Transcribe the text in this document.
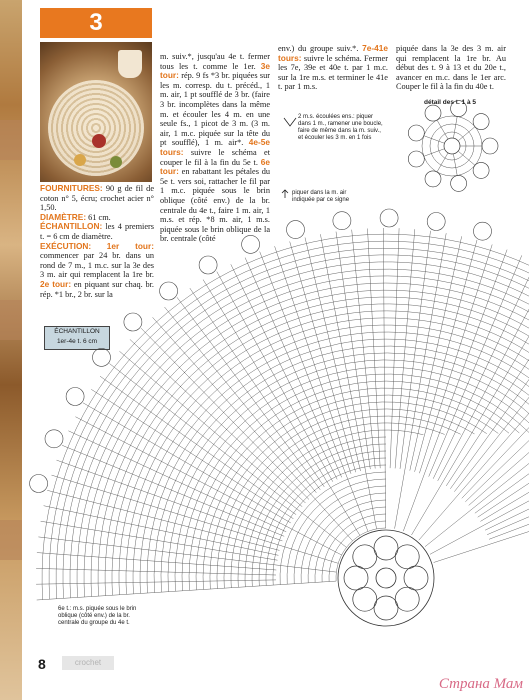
3
FOURNITURES: 90 g de fil de coton n° 5, écru; crochet acier n° 1,50.
DIAMÈTRE: 61 cm.
ÉCHANTILLON: les 4 premiers t. = 6 cm de diamètre.
EXÉCUTION: 1er tour: commencer par 24 br. dans un rond de 7 m., 1 m.c. sur la 3e des 3 m. air qui remplacent la 1re br. 2e tour: en piquant sur chaq. br. rép. *1 br., 2 br. sur la
m. suiv.*, jusqu'au 4e t. fermer tous les t. comme le 1er. 3e tour: rép. 9 fs *3 br. piquées sur les m. corresp. du t. précéd., 1 m. air, 1 pt soufflé de 3 br. (faire 3 br. incomplètes dans la même m. et écouler les 4 m. en une seule fs., 1 picot de 3 m. (3 m. air, 1 m.c. piquée sur la tête du pt soufflé), 1 m. air*. 4e-5e tours: suivre le schéma et couper le fil à la fin du 5e t. 6e tour: en rabattant les pétales du 5e t. vers soi, rattacher le fil par 1 m.c. piquée sous le brin oblique (côté env.) de la br. centrale du 4e t., faire 1 m. air, 1 m.s. et rép. *8 m. air, 1 m.s. piquée sous le brin oblique de la br. centrale (côté
env.) du groupe suiv.*. 7e-41e tours: suivre le schéma. Fermer les 7e, 39e et 40e t. par 1 m.c. sur la 1re m.s. et terminer le 41e t. par 1 m.s.
piquée dans la 3e des 3 m. air qui remplacent la 1re br. Au début des t. 9 à 13 et du 20e t., avancer en m.c. dans le 1er arc. Couper le fil à la fin du 40e t.
2 m.s. écoulées ens.: piquer
dans 1 m., ramener une boucle,
faire de même dans la m. suiv.,
et écouler les 3 m. en 1 fois
piquer dans la m. air
indiquée par ce signe
détail des t. 1 à 5
ÉCHANTILLON
1er-4e t. 6 cm
6e t.: m.s. piquée sous le brin
oblique (côté env.) de la br.
centrale du groupe du 4e t.
8	crochet
Страна Мам
